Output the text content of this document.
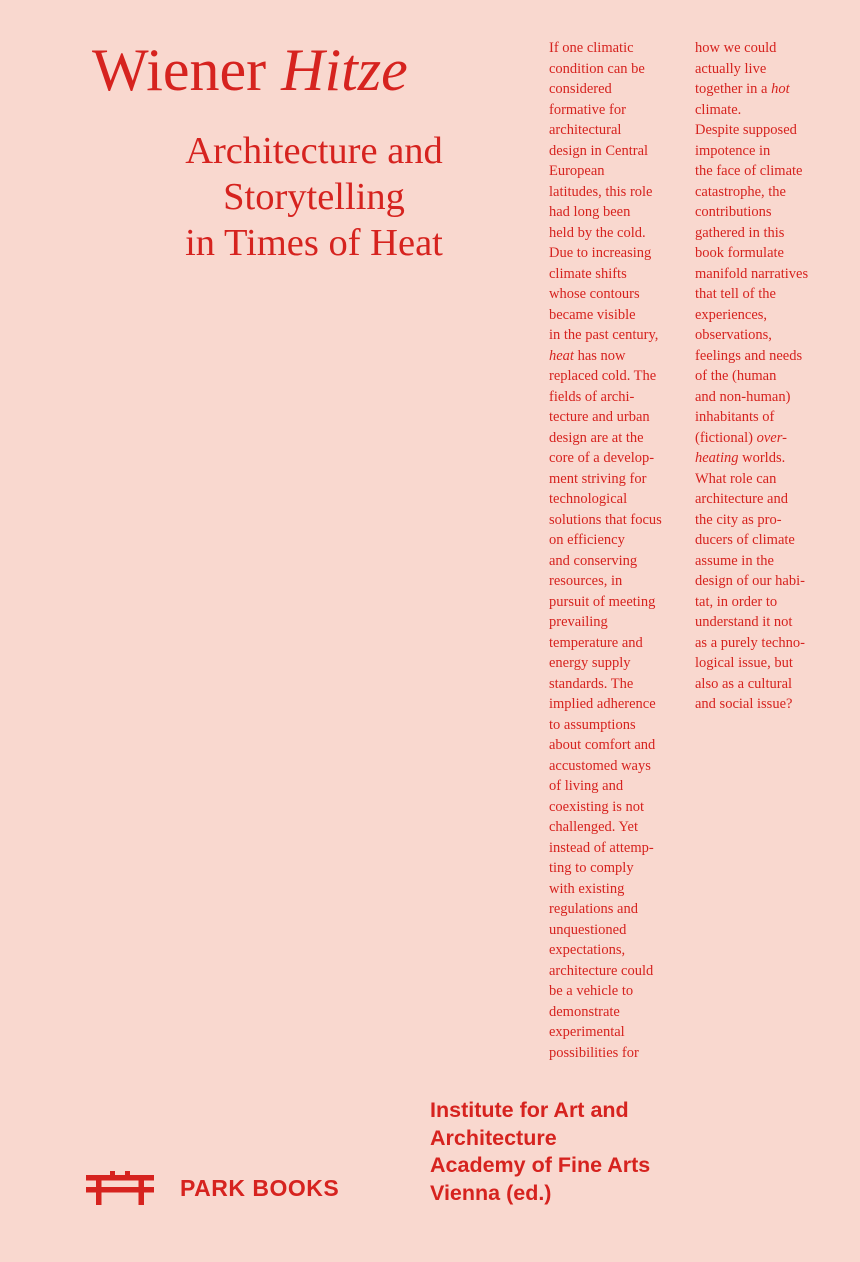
Wiener Hitze
Architecture and
Storytelling
in Times of Heat
If one climatic
condition can be
considered
formative for
architectural
design in Central
European
latitudes, this role
had long been
held by the cold.
Due to increasing
climate shifts
whose contours
became visible
in the past century,
heat has now
replaced cold. The
fields of archi-
tecture and urban
design are at the
core of a develop-
ment striving for
technological
solutions that focus
on efficiency
and conserving
resources, in
pursuit of meeting
prevailing
temperature and
energy supply
standards. The
implied adherence
to assumptions
about comfort and
accustomed ways
of living and
coexisting is not
challenged. Yet
instead of attemp-
ting to comply
with existing
regulations and
unquestioned
expectations,
architecture could
be a vehicle to
demonstrate
experimental
possibilities for
how we could
actually live
together in a hot
climate.
Despite supposed
impotence in
the face of climate
catastrophe, the
contributions
gathered in this
book formulate
manifold narratives
that tell of the
experiences,
observations,
feelings and needs
of the (human
and non-human)
inhabitants of
(fictional) over-
heating worlds.
What role can
architecture and
the city as pro-
ducers of climate
assume in the
design of our habi-
tat, in order to
understand it not
as a purely techno-
logical issue, but
also as a cultural
and social issue?
Institute for Art and
Architecture
Academy of Fine Arts
Vienna (ed.)
PARK BOOKS
